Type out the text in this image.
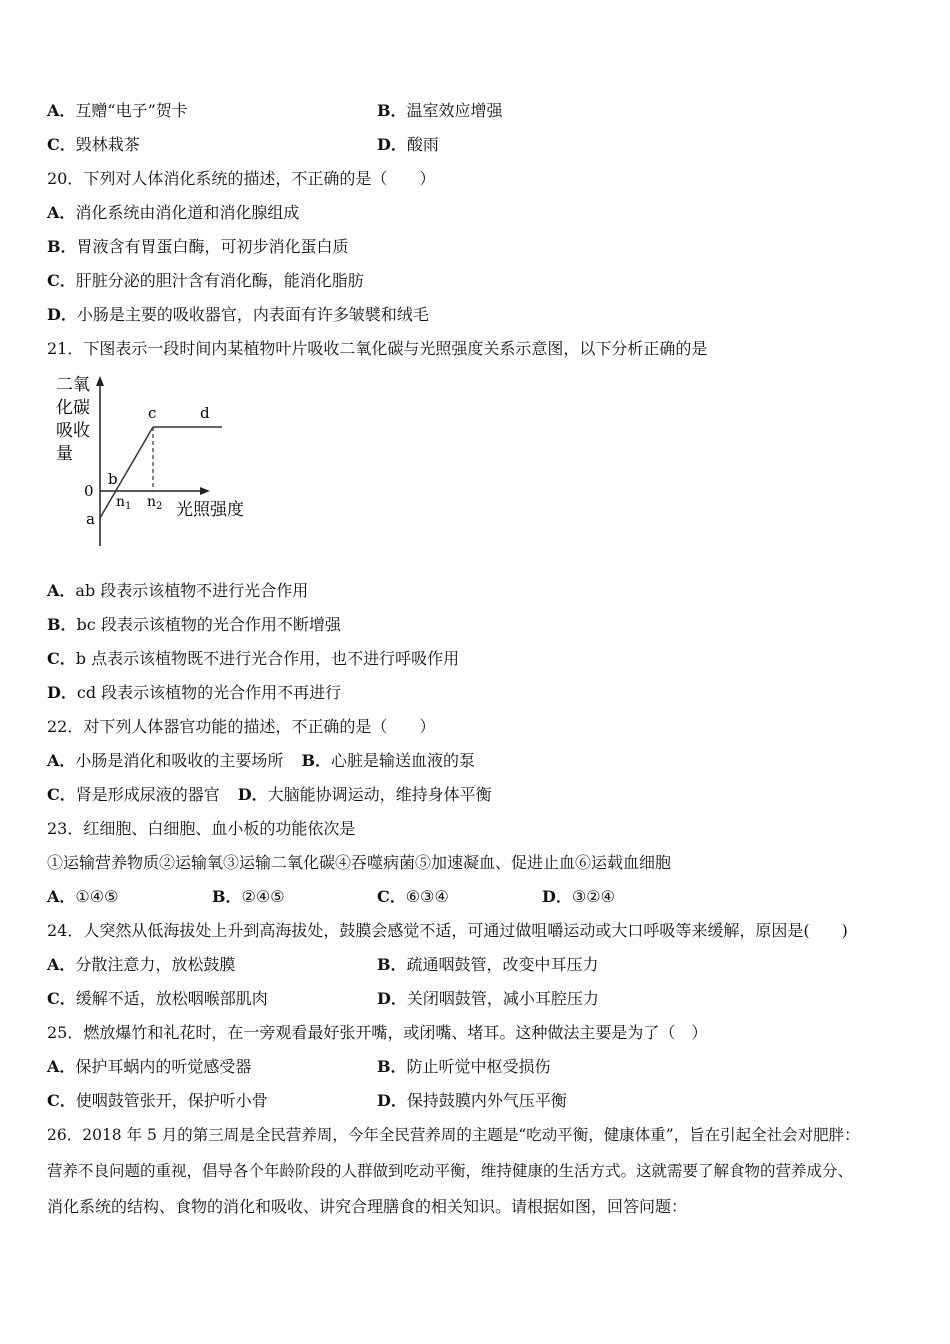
A．互赠“电子”贺卡	B．温室效应增强
C．毁林栽茶	D．酸雨
20．下列对人体消化系统的描述，不正确的是（　　）
A．消化系统由消化道和消化腺组成
B．胃液含有胃蛋白酶，可初步消化蛋白质
C．肝脏分泌的胆汁含有消化酶，能消化脂肪
D．小肠是主要的吸收器官，内表面有许多皱襞和绒毛
21．下图表示一段时间内某植物叶片吸收二氧化碳与光照强度关系示意图，以下分析正确的是
二氧
化碳
吸收
量
光照强度
0
a
b
c	d
$n_1$ $n_2$
A．ab 段表示该植物不进行光合作用
B．bc 段表示该植物的光合作用不断增强
C．b 点表示该植物既不进行光合作用，也不进行呼吸作用
D．cd 段表示该植物的光合作用不再进行
22．对下列人体器官功能的描述，不正确的是（　　）
A．小肠是消化和吸收的主要场所 B．心脏是输送血液的泵
C．肾是形成尿液的器官 D．大脑能协调运动，维持身体平衡
23．红细胞、白细胞、血小板的功能依次是
①运输营养物质②运输氧③运输二氧化碳④吞噬病菌⑤加速凝血、促进止血⑥运载血细胞
A．①④⑤	B．②④⑤	C．⑥③④	D．③②④
24．人突然从低海拔处上升到高海拔处，鼓膜会感觉不适，可通过做咀嚼运动或大口呼吸等来缓解，原因是(　　)
A．分散注意力，放松鼓膜	B．疏通咽鼓管，改变中耳压力
C．缓解不适，放松咽喉部肌肉	D．关闭咽鼓管，减小耳腔压力
25．燃放爆竹和礼花时，在一旁观看最好张开嘴，或闭嘴、堵耳。这种做法主要是为了（　）
A．保护耳蜗内的听觉感受器	B．防止听觉中枢受损伤
C．使咽鼓管张开，保护听小骨	D．保持鼓膜内外气压平衡
26．2018 年 5 月的第三周是全民营养周，今年全民营养周的主题是“吃动平衡，健康体重”，旨在引起全社会对肥胖：
营养不良问题的重视，倡导各个年龄阶段的人群做到吃动平衡，维持健康的生活方式。这就需要了解食物的营养成分、
消化系统的结构、食物的消化和吸收、讲究合理膳食的相关知识。请根据如图，回答问题：
